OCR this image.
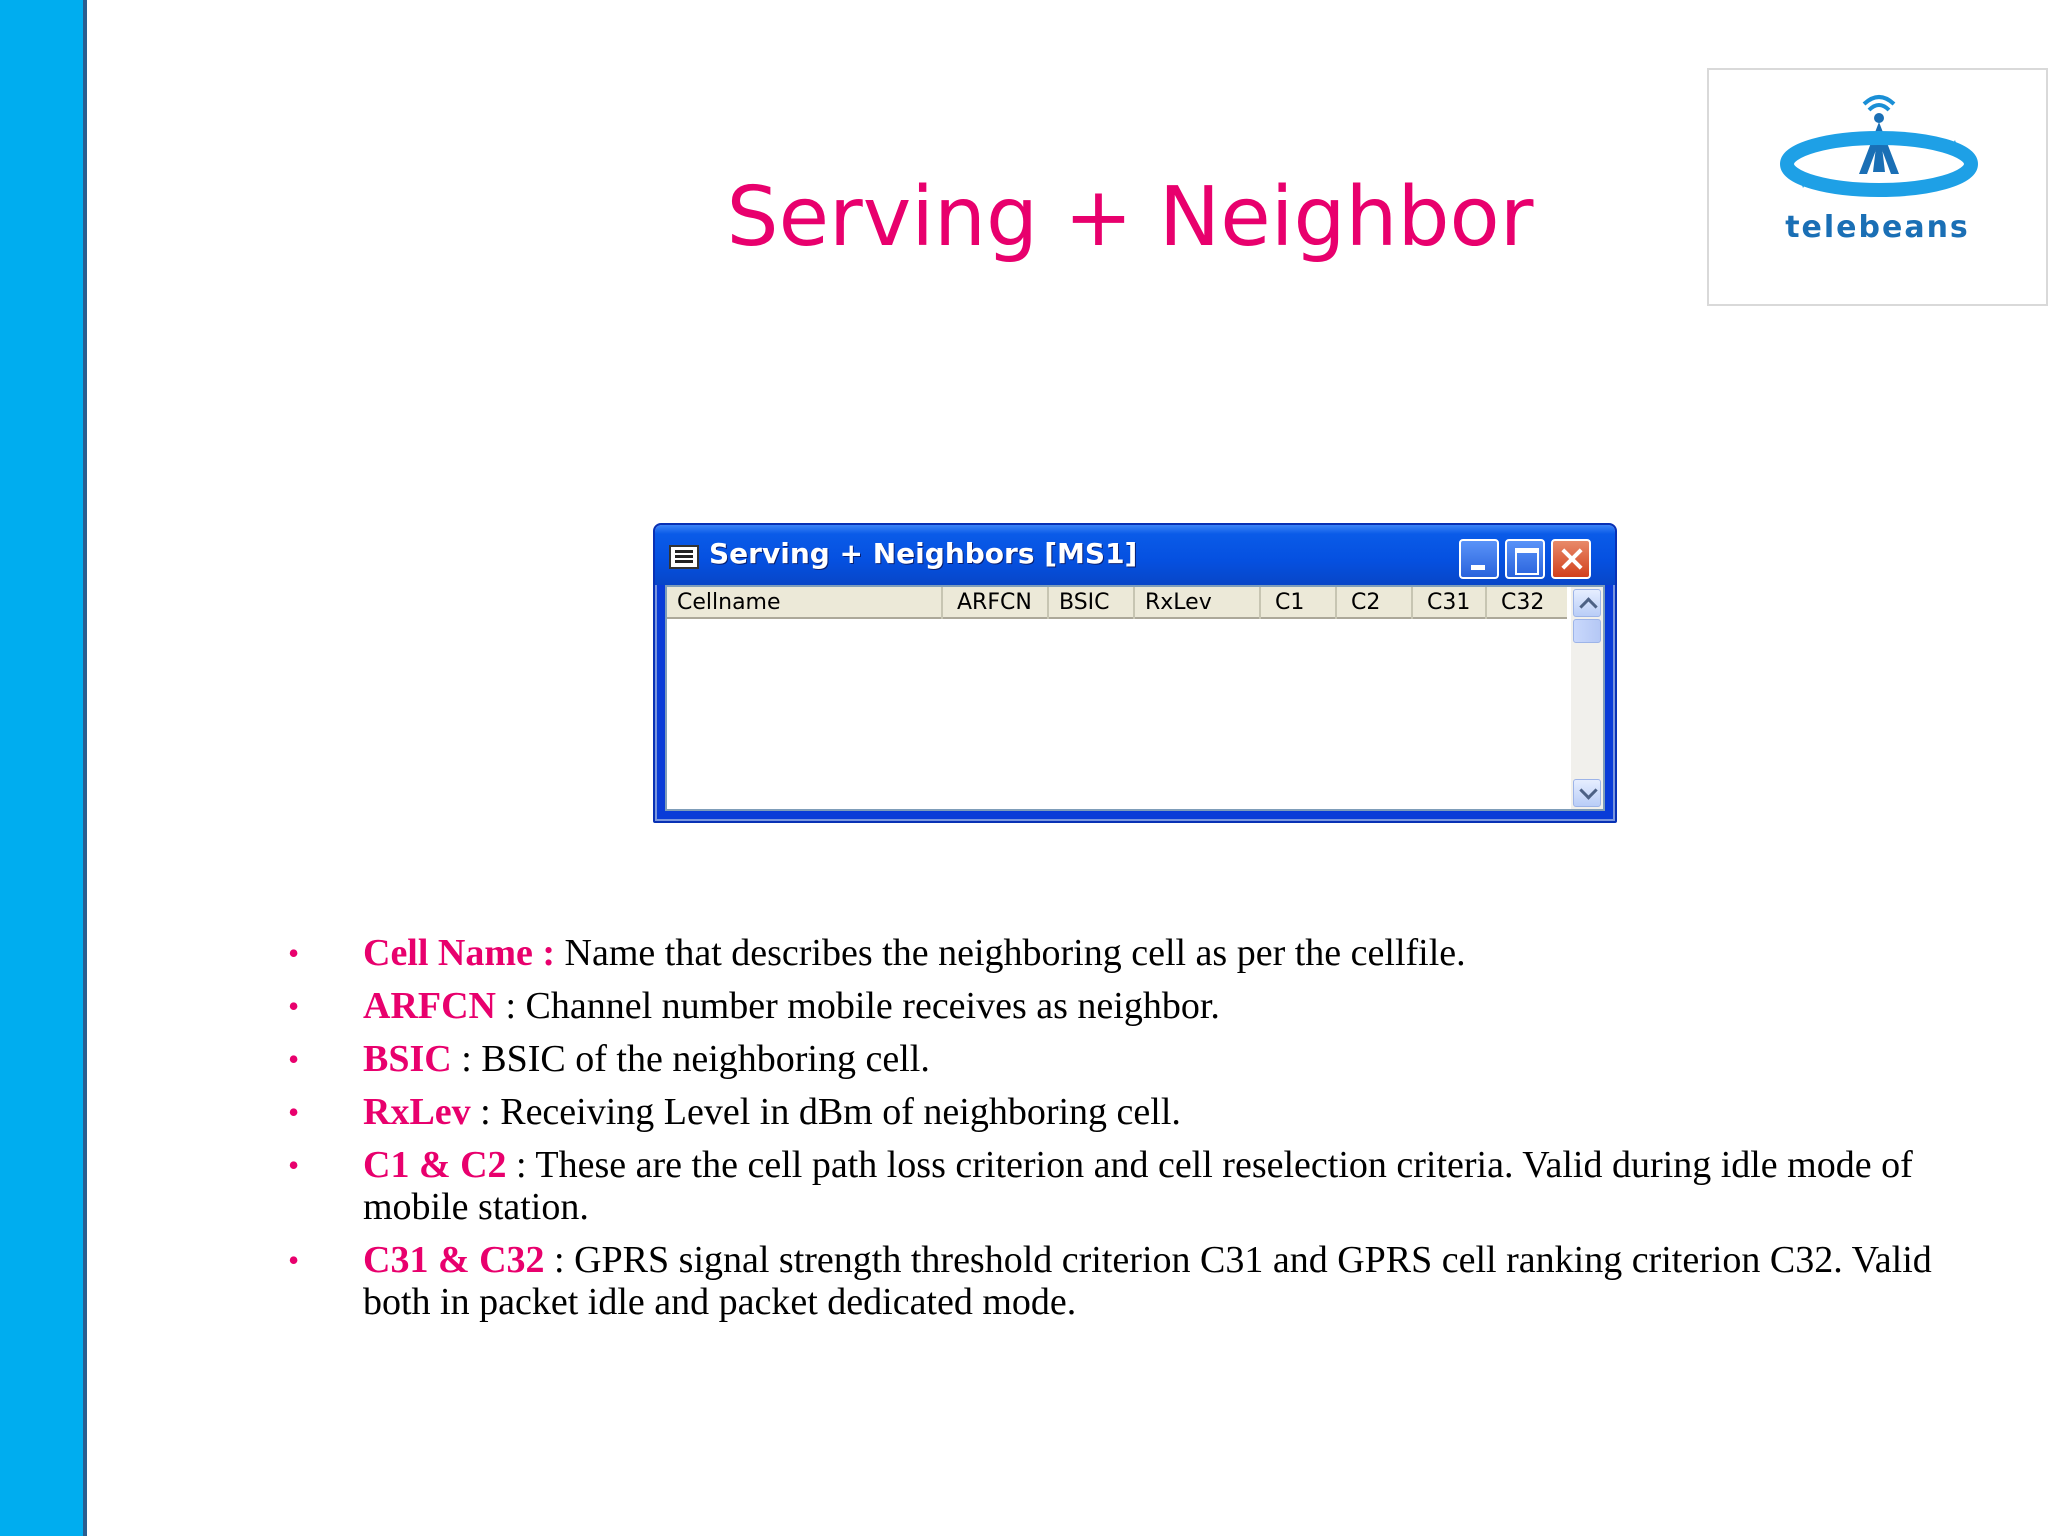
telebeans
Serving + Neighbor
Serving + Neighbors [MS1]
Cellname	ARFCN	BSIC	RxLev	C1	C2	C31	C32
• Cell Name : Name that describes the neighboring cell as per the cellfile.
• ARFCN : Channel number mobile receives as neighbor.
• BSIC : BSIC of the neighboring cell.
• RxLev : Receiving Level in dBm of neighboring cell.
• C1 & C2 : These are the cell path loss criterion and cell reselection criteria. Valid during idle mode of mobile station.
• C31 & C32 : GPRS signal strength threshold criterion C31 and GPRS cell ranking criterion C32. Valid both in packet idle and packet dedicated mode.
